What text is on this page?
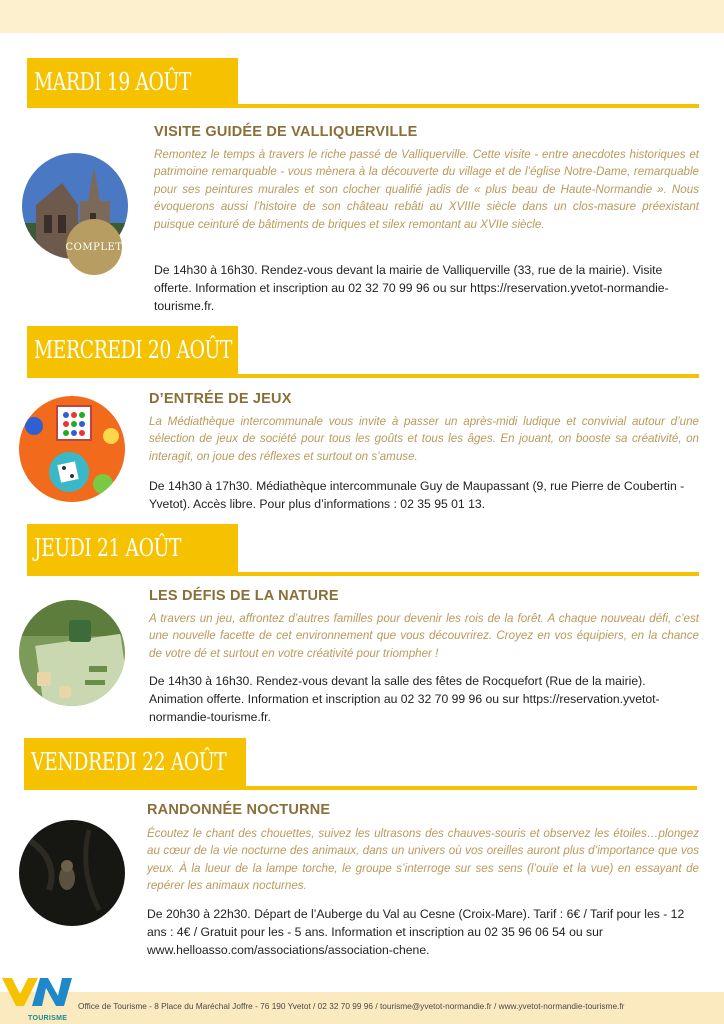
MARDI 19 AOÛT
COMPLET
VISITE GUIDÉE DE VALLIQUERVILLE

Remontez le temps à travers le riche passé de Valliquerville. Cette visite - entre anecdotes historiques et patrimoine remarquable - vous mènera à la découverte du village et de l’église Notre-Dame, remarquable pour ses peintures murales et son clocher qualifié jadis de « plus beau de Haute-Normandie ». Nous évoquerons aussi l’histoire de son château rebâti au XVIIIe siècle dans un clos-masure préexistant puisque ceinturé de bâtiments de briques et silex remontant au XVIIe siècle.

De 14h30 à 16h30. Rendez-vous devant la mairie de Valliquerville (33, rue de la mairie). Visite offerte. Information et inscription au 02 32 70 99 96 ou sur https://reservation.yvetot-normandie-tourisme.fr.

MERCREDI 20 AOÛT
D’ENTRÉE DE JEUX

La Médiathèque intercommunale vous invite à passer un après-midi ludique et convivial autour d’une sélection de jeux de société pour tous les goûts et tous les âges. En jouant, on booste sa créativité, on interagit, on joue des réflexes et surtout on s’amuse.

De 14h30 à 17h30. Médiathèque intercommunale Guy de Maupassant (9, rue Pierre de Coubertin - Yvetot). Accès libre. Pour plus d’informations : 02 35 95 01 13.

JEUDI 21 AOÛT
LES DÉFIS DE LA NATURE

A travers un jeu, affrontez d’autres familles pour devenir les rois de la forêt. A chaque nouveau défi, c’est une nouvelle facette de cet environnement que vous découvrirez. Croyez en vos équipiers, en la chance de votre dé et surtout en votre créativité pour triompher !

De 14h30 à 16h30. Rendez-vous devant la salle des fêtes de Rocquefort (Rue de la mairie). Animation offerte. Information et inscription au 02 32 70 99 96 ou sur https://reservation.yvetot-normandie-tourisme.fr.

VENDREDI 22 AOÛT
RANDONNÉE NOCTURNE

Écoutez le chant des chouettes, suivez les ultrasons des chauves-souris et observez les étoiles…plongez au cœur de la vie nocturne des animaux, dans un univers où vos oreilles auront plus d’importance que vos yeux. À la lueur de la lampe torche, le groupe s’interroge sur ses sens (l’ouïe et la vue) en essayant de repérer les animaux nocturnes.

De 20h30 à 22h30. Départ de l’Auberge du Val au Cesne (Croix-Mare). Tarif : 6€ / Tarif pour les - 12 ans : 4€ / Gratuit pour les - 5 ans. Information et inscription au 02 35 96 06 54 ou sur www.helloasso.com/associations/association-chene.

TOURISME
Office de Tourisme - 8 Place du Maréchal Joffre - 76 190 Yvetot / 02 32 70 99 96 / tourisme@yvetot-normandie.fr / www.yvetot-normandie-tourisme.fr
